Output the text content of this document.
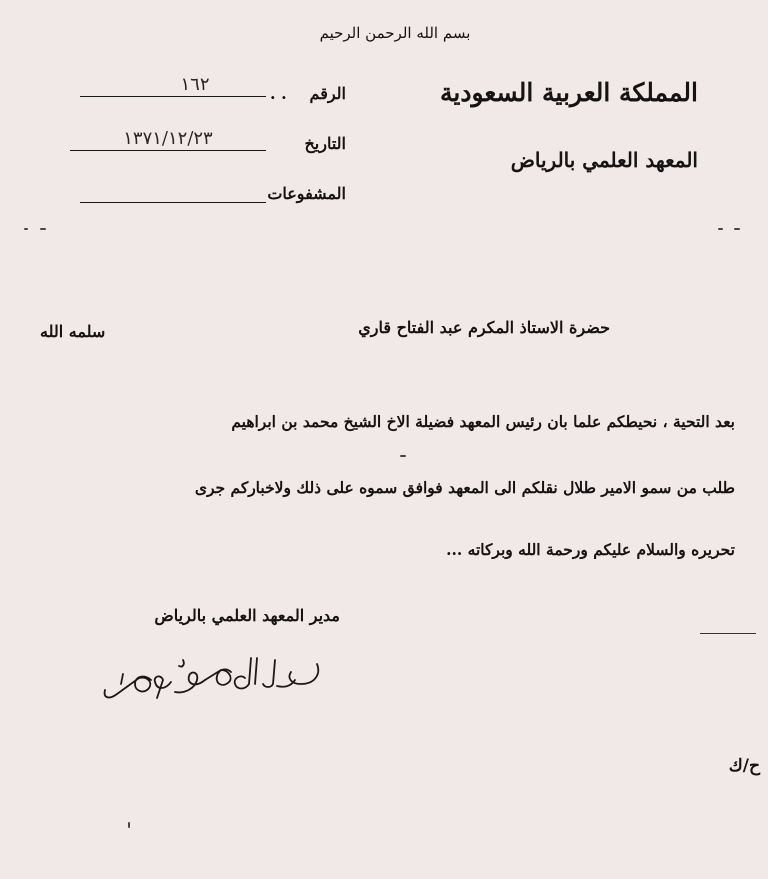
بسم الله الرحمن الرحيم
المملكة العربية السعودية
المعهد العلمي بالرياض
الرقم
. .
١٦٢
التاريخ
١٣٧١/١٢/٢٣
المشفوعات
حضرة الاستاذ المكرم عبد الفتاح قاري
سلمه الله
بعد التحية ، نحيطكم علما بان رئيس المعهد فضيلة الاخ الشيخ محمد بن ابراهيم
طلب من سمو الامير طلال نقلكم الى المعهد فوافق سموه على ذلك ولاخباركم جرى
تحريره والسلام عليكم ورحمة الله وبركاته ...
مدير المعهد العلمي بالرياض
ح/ك
